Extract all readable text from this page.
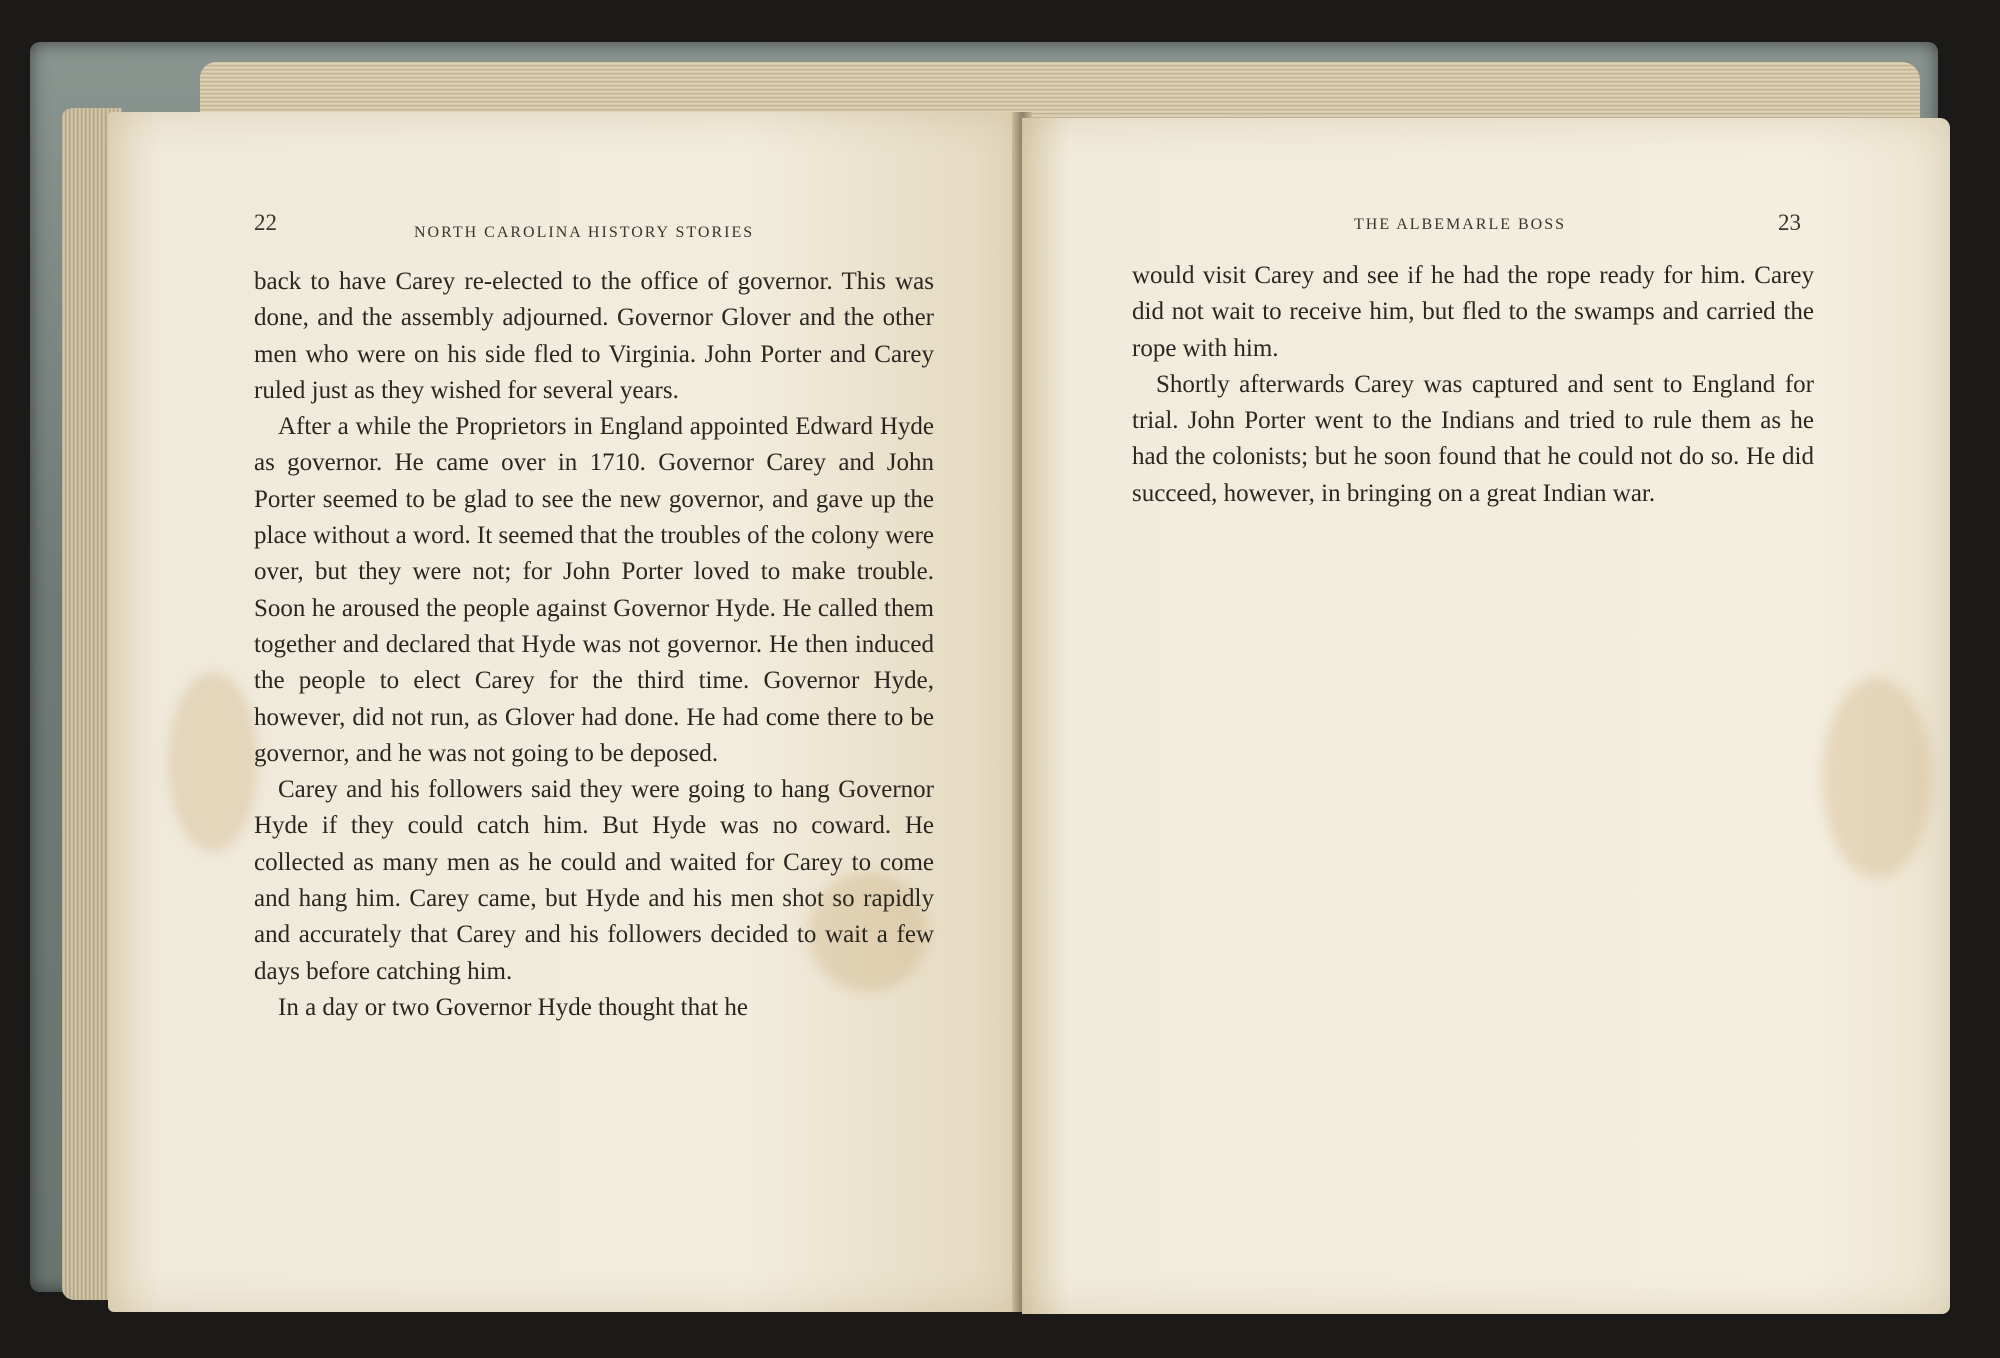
22	NORTH CAROLINA HISTORY STORIES

back to have Carey re-elected to the office of governor. This was done, and the assembly adjourned. Governor Glover and the other men who were on his side fled to Virginia. John Porter and Carey ruled just as they wished for several years.

After a while the Proprietors in England appointed Edward Hyde as governor. He came over in 1710. Governor Carey and John Porter seemed to be glad to see the new governor, and gave up the place without a word. It seemed that the troubles of the colony were over, but they were not; for John Porter loved to make trouble. Soon he aroused the people against Governor Hyde. He called them together and declared that Hyde was not governor. He then induced the people to elect Carey for the third time. Governor Hyde, however, did not run, as Glover had done. He had come there to be governor, and he was not going to be deposed.

Carey and his followers said they were going to hang Governor Hyde if they could catch him. But Hyde was no coward. He collected as many men as he could and waited for Carey to come and hang him. Carey came, but Hyde and his men shot so rapidly and accurately that Carey and his followers decided to wait a few days before catching him.

In a day or two Governor Hyde thought that he

THE ALBEMARLE BOSS	23

would visit Carey and see if he had the rope ready for him. Carey did not wait to receive him, but fled to the swamps and carried the rope with him.

Shortly afterwards Carey was captured and sent to England for trial. John Porter went to the Indians and tried to rule them as he had the colonists; but he soon found that he could not do so. He did succeed, however, in bringing on a great Indian war.
